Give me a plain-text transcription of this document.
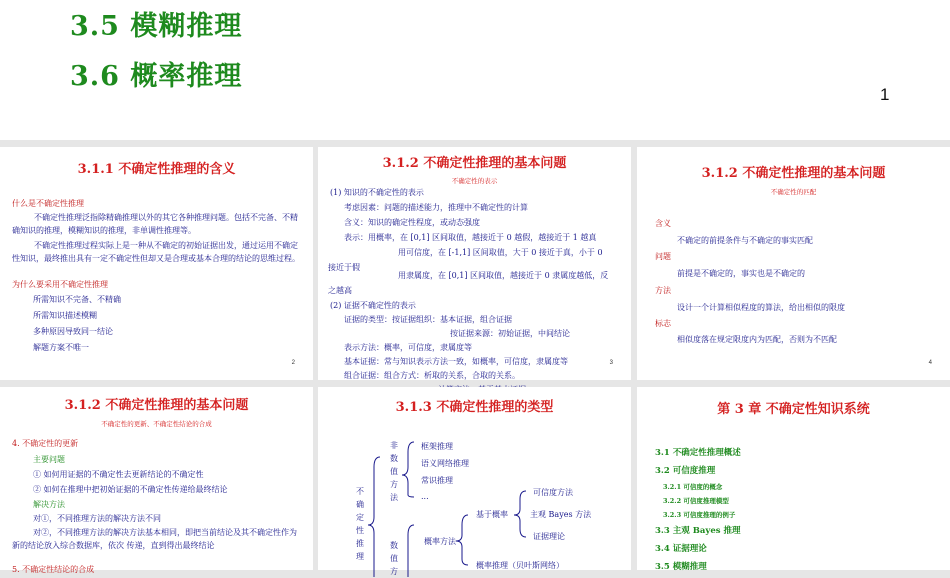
3.5 模糊推理
3.6 概率推理
1
3.1.1 不确定性推理的含义
什么是不确定性推理
不确定性推理泛指除精确推理以外的其它各种推理问题。包括不完备、不精确知识的推理，模糊知识的推理，非单调性推理等。
不确定性推理过程实际上是一种从不确定的初始证据出发，通过运用不确定性知识，最终推出具有一定不确定性但却又是合理或基本合理的结论的思维过程。
为什么要采用不确定性推理
所需知识不完备、不精确
所需知识描述模糊
多种原因导致同一结论
解题方案不唯一
2
3.1.2 不确定性推理的基本问题
不确定性的表示
(1) 知识的不确定性的表示
考虑因素：问题的描述能力，推理中不确定性的计算
含义：知识的确定性程度，或动态强度
表示：用概率，在 [0,1] 区间取值，越接近于 0 越假，越接近于 1 越真
用可信度，在 [-1,1] 区间取值，大于 0 接近于真，小于 0
接近于假
用隶属度，在 [0,1] 区间取值，越接近于 0 隶属度越低，反
之越高
(2) 证据不确定性的表示
证据的类型：按证据组织：基本证据，组合证据
按证据来源：初始证据，中间结论
表示方法：概率，可信度，隶属度等
基本证据：常与知识表示方法一致，如概率，可信度，隶属度等
组合证据：组合方式：析取的关系，合取的关系。
3
3.1.2 不确定性推理的基本问题
不确定性的匹配
含义
不确定的前提条件与不确定的事实匹配
问题
前提是不确定的，事实也是不确定的
方法
设计一个计算相似程度的算法，给出相似的限度
标志
相似度落在规定限度内为匹配，否则为不匹配
4
3.1.2 不确定性推理的基本问题
不确定性的更新、不确定性结论的合成
4. 不确定性的更新
主要问题
① 如何用证据的不确定性去更新结论的不确定性
② 如何在推理中把初始证据的不确定性传递给最终结论
解决方法
对①，不同推理方法的解决方法不同
对②，不同推理方法的解决方法基本相同，即把当前结论及其不确定性作为新的结论放入综合数据库，依次 传递，直到得出最终结论
5. 不确定性结论的合成
3.1.3 不确定性推理的类型
不确定性推理
非数值方法
框架推理
语义网络推理
常识推理
...
数值方
概率方法
基于概率
可信度方法
主观 Bayes 方法
证据理论
概率推理（贝叶斯网络）
第 3 章 不确定性知识系统
3.1 不确定性推理概述
3.2 可信度推理
3.2.1 可信度的概念
3.2.2 可信度推理模型
3.2.3 可信度推理的例子
3.3 主观 Bayes 推理
3.4 证据理论
3.5 模糊推理
